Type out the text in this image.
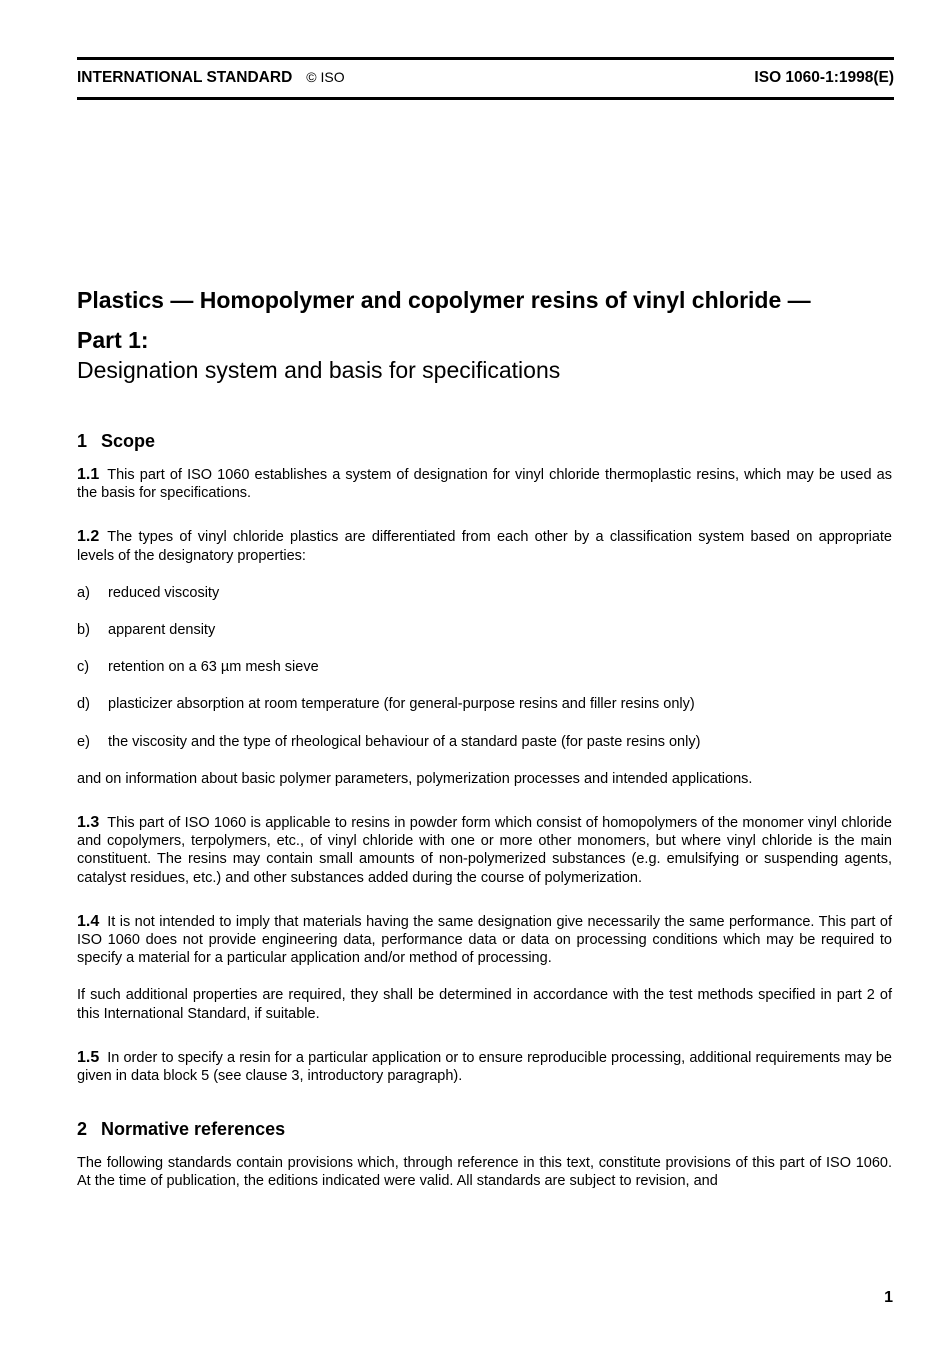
INTERNATIONAL STANDARD © ISO	ISO 1060-1:1998(E)
Plastics — Homopolymer and copolymer resins of vinyl chloride —
Part 1:
Designation system and basis for specifications
1 Scope

1.1 This part of ISO 1060 establishes a system of designation for vinyl chloride thermoplastic resins, which may be used as the basis for specifications.

1.2 The types of vinyl chloride plastics are differentiated from each other by a classification system based on appropriate levels of the designatory properties:

a)	reduced viscosity
b)	apparent density
c)	retention on a 63 µm mesh sieve
d)	plasticizer absorption at room temperature (for general-purpose resins and filler resins only)
e)	the viscosity and the type of rheological behaviour of a standard paste (for paste resins only)

and on information about basic polymer parameters, polymerization processes and intended applications.

1.3 This part of ISO 1060 is applicable to resins in powder form which consist of homopolymers of the monomer vinyl chloride and copolymers, terpolymers, etc., of vinyl chloride with one or more other monomers, but where vinyl chloride is the main constituent. The resins may contain small amounts of non-polymerized substances (e.g. emulsifying or suspending agents, catalyst residues, etc.) and other substances added during the course of polymerization.

1.4 It is not intended to imply that materials having the same designation give necessarily the same performance. This part of ISO 1060 does not provide engineering data, performance data or data on processing conditions which may be required to specify a material for a particular application and/or method of processing.

If such additional properties are required, they shall be determined in accordance with the test methods specified in part 2 of this International Standard, if suitable.

1.5 In order to specify a resin for a particular application or to ensure reproducible processing, additional requirements may be given in data block 5 (see clause 3, introductory paragraph).

2 Normative references

The following standards contain provisions which, through reference in this text, constitute provisions of this part of ISO 1060. At the time of publication, the editions indicated were valid. All standards are subject to revision, and

1
